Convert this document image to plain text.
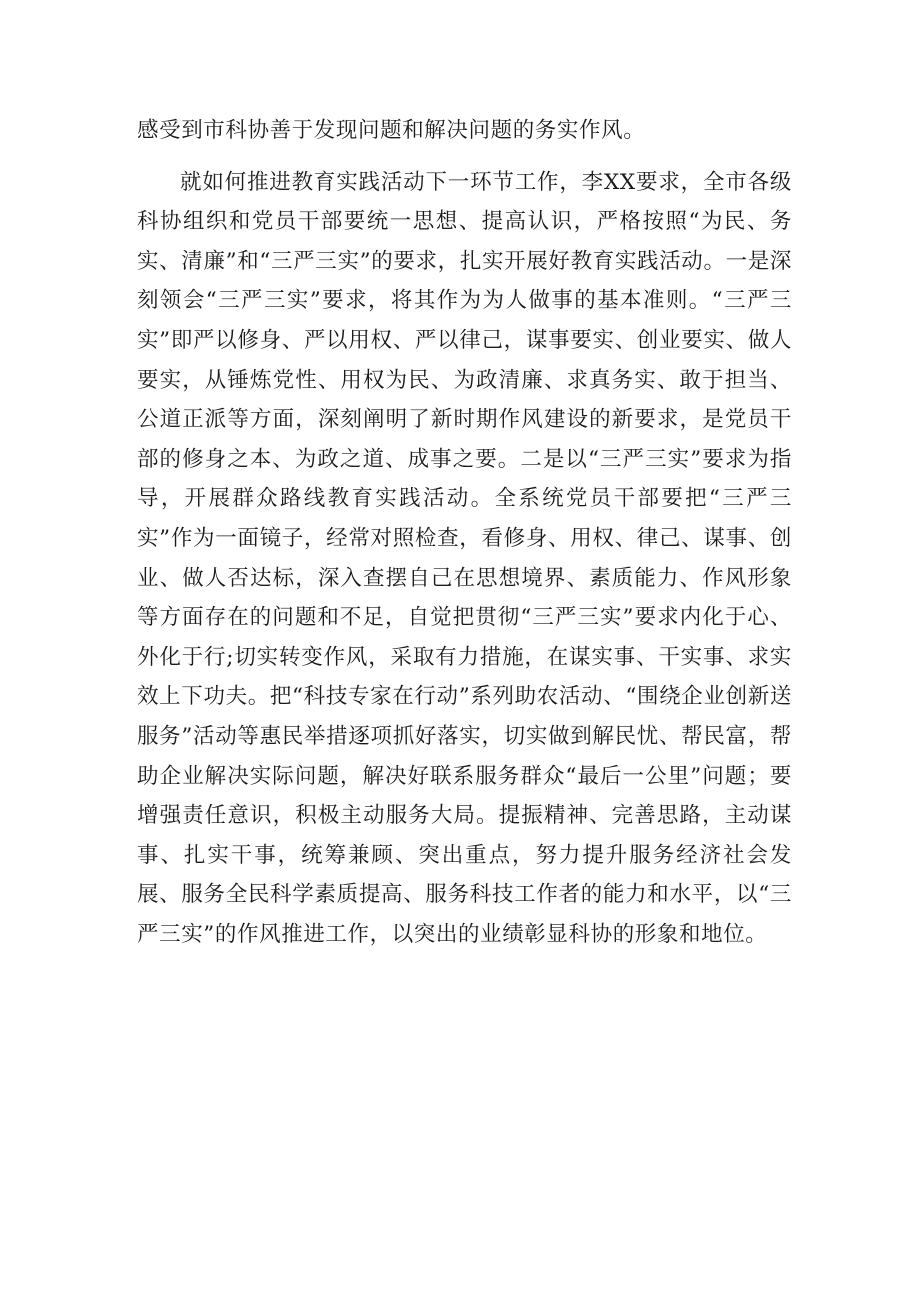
感受到市科协善于发现问题和解决问题的务实作风。

就如何推进教育实践活动下一环节工作，李XX要求，全市各级科协组织和党员干部要统一思想、提高认识，严格按照“为民、务实、清廉”和“三严三实”的要求，扎实开展好教育实践活动。一是深刻领会“三严三实”要求，将其作为为人做事的基本准则。“三严三实”即严以修身、严以用权、严以律己，谋事要实、创业要实、做人要实，从锤炼党性、用权为民、为政清廉、求真务实、敢于担当、公道正派等方面，深刻阐明了新时期作风建设的新要求，是党员干部的修身之本、为政之道、成事之要。二是以“三严三实”要求为指导，开展群众路线教育实践活动。全系统党员干部要把“三严三实”作为一面镜子，经常对照检查，看修身、用权、律己、谋事、创业、做人否达标，深入查摆自己在思想境界、素质能力、作风形象等方面存在的问题和不足，自觉把贯彻“三严三实”要求内化于心、外化于行;切实转变作风，采取有力措施，在谋实事、干实事、求实效上下功夫。把“科技专家在行动”系列助农活动、“围绕企业创新送服务”活动等惠民举措逐项抓好落实，切实做到解民忧、帮民富，帮助企业解决实际问题，解决好联系服务群众“最后一公里”问题；要增强责任意识，积极主动服务大局。提振精神、完善思路，主动谋事、扎实干事，统筹兼顾、突出重点，努力提升服务经济社会发展、服务全民科学素质提高、服务科技工作者的能力和水平，以“三严三实”的作风推进工作，以突出的业绩彰显科协的形象和地位。
